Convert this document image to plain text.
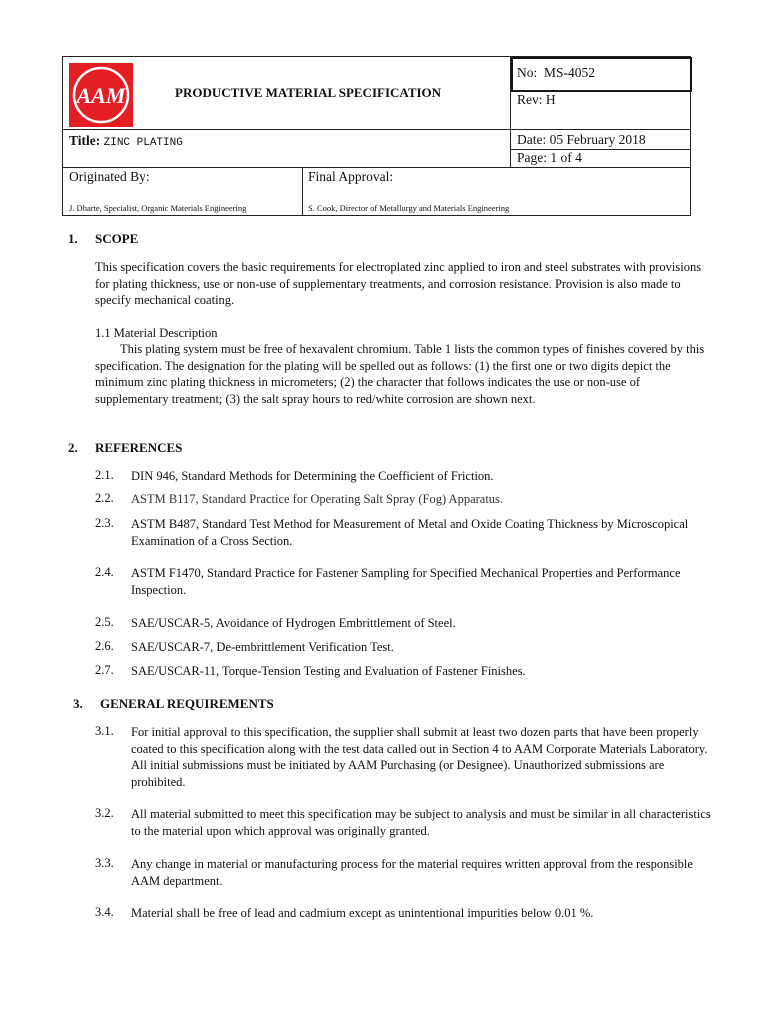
AAM	PRODUCTIVE MATERIAL SPECIFICATION
No: MS-4052
Rev: H
Title: ZINC PLATING	Date: 05 February 2018
Page: 1 of 4
Originated By:
J. Dharte, Specialist, Organic Materials Engineering
Final Approval:
S. Cook, Director of Metallurgy and Materials Engineering
1. SCOPE
This specification covers the basic requirements for electroplated zinc applied to iron and steel substrates with provisions for plating thickness, use or non-use of supplementary treatments, and corrosion resistance. Provision is also made to specify mechanical coating.
1.1 Material Description
This plating system must be free of hexavalent chromium. Table 1 lists the common types of finishes covered by this specification. The designation for the plating will be spelled out as follows: (1) the first one or two digits depict the minimum zinc plating thickness in micrometers; (2) the character that follows indicates the use or non-use of supplementary treatment; (3) the salt spray hours to red/white corrosion are shown next.
2. REFERENCES
2.1. DIN 946, Standard Methods for Determining the Coefficient of Friction.
2.2. ASTM B117, Standard Practice for Operating Salt Spray (Fog) Apparatus.
2.3. ASTM B487, Standard Test Method for Measurement of Metal and Oxide Coating Thickness by Microscopical Examination of a Cross Section.
2.4. ASTM F1470, Standard Practice for Fastener Sampling for Specified Mechanical Properties and Performance Inspection.
2.5. SAE/USCAR-5, Avoidance of Hydrogen Embrittlement of Steel.
2.6. SAE/USCAR-7, De-embrittlement Verification Test.
2.7. SAE/USCAR-11, Torque-Tension Testing and Evaluation of Fastener Finishes.
3. GENERAL REQUIREMENTS
3.1. For initial approval to this specification, the supplier shall submit at least two dozen parts that have been properly coated to this specification along with the test data called out in Section 4 to AAM Corporate Materials Laboratory. All initial submissions must be initiated by AAM Purchasing (or Designee). Unauthorized submissions are prohibited.
3.2. All material submitted to meet this specification may be subject to analysis and must be similar in all characteristics to the material upon which approval was originally granted.
3.3. Any change in material or manufacturing process for the material requires written approval from the responsible AAM department.
3.4. Material shall be free of lead and cadmium except as unintentional impurities below 0.01 %.
